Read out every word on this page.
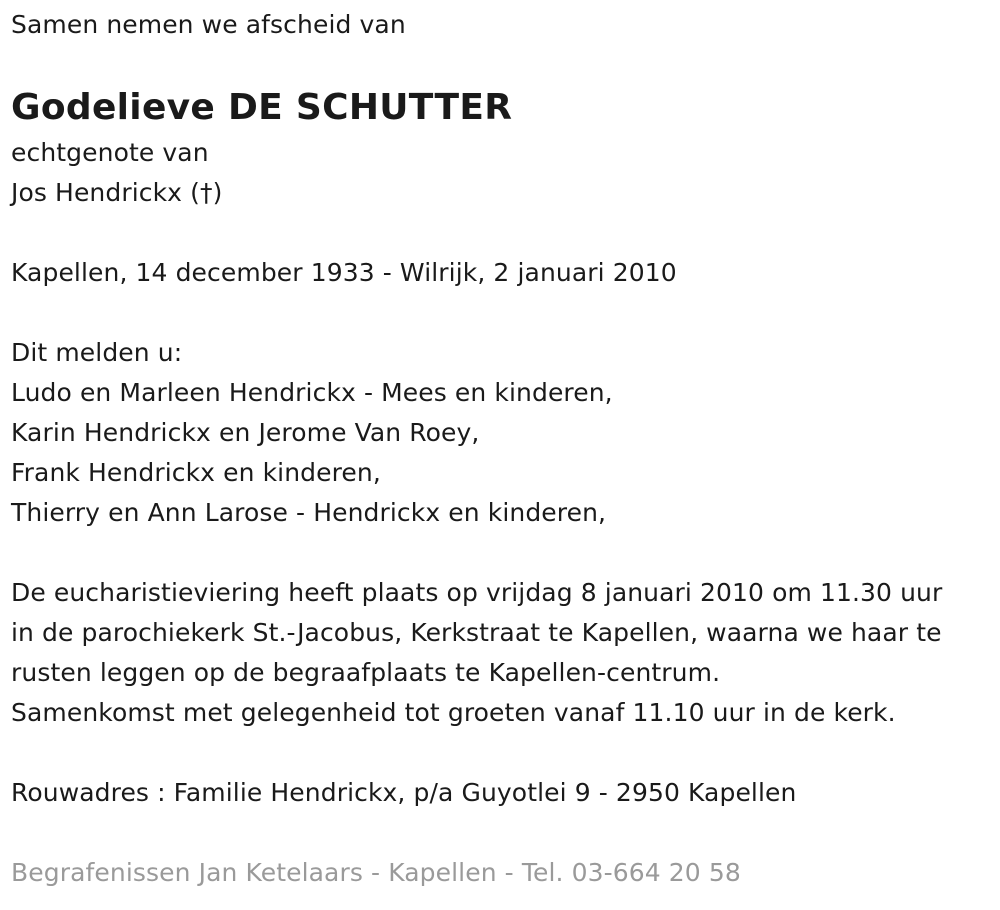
Samen nemen we afscheid van
Godelieve DE SCHUTTER
echtgenote van
Jos Hendrickx (†)
Kapellen, 14 december 1933 - Wilrijk, 2 januari 2010
Dit melden u:
Ludo en Marleen Hendrickx - Mees en kinderen,
Karin Hendrickx en Jerome Van Roey,
Frank Hendrickx en kinderen,
Thierry en Ann Larose - Hendrickx en kinderen,
De eucharistieviering heeft plaats op vrijdag 8 januari 2010 om 11.30 uur
in de parochiekerk St.-Jacobus, Kerkstraat te Kapellen, waarna we haar te
rusten leggen op de begraafplaats te Kapellen-centrum.
Samenkomst met gelegenheid tot groeten vanaf 11.10 uur in de kerk.
Rouwadres : Familie Hendrickx, p/a Guyotlei 9 - 2950 Kapellen
Begrafenissen Jan Ketelaars - Kapellen - Tel. 03-664 20 58
